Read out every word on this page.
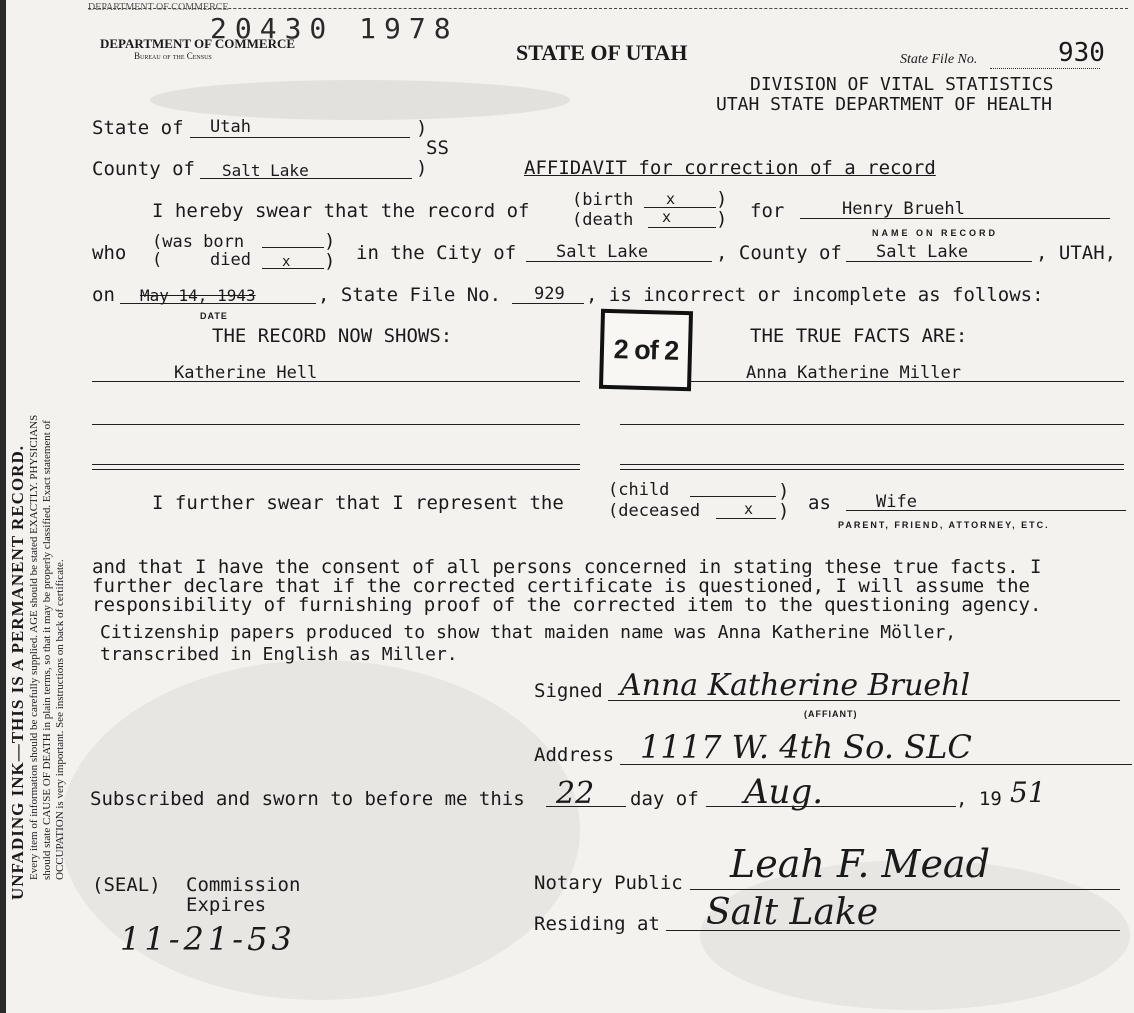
UNFADING INK—THIS IS A PERMANENT RECORD. Every item of information should be carefully supplied. AGE should be stated EXACTLY. PHYSICIANS should state CAUSE OF DEATH in plain terms, so that it may be properly classified. Exact statement of OCCUPATION is very important. See instructions on back of certificate.
DEPARTMENT OF COMMERCE
DEPARTMENT OF COMMERCE
Bureau of the Census
20430 1978
STATE OF UTAH	State File No.	930
DIVISION OF VITAL STATISTICS
UTAH STATE DEPARTMENT OF HEALTH
State of Utah	)
SS
)
County of Salt Lake	AFFIDAVIT for correction of a record
I hereby swear that the record of	(birth x )
(death x ) for	Henry Bruehl
NAME ON RECORD
who (was born	)
(	died x ) in the City of Salt Lake	, County of Salt Lake	, UTAH,
on May 14, 1943
DATE
, State File No. 929 , is incorrect or incomplete as follows:
2 of 2
THE RECORD NOW SHOWS:	THE TRUE FACTS ARE:
Katherine Hell	Anna Katherine Miller
I further swear that I represent the
(child	)
(deceased	x ) as	Wife
PARENT, FRIEND, ATTORNEY, ETC.
and that I have the consent of all persons concerned in stating these true facts. I
further declare that if the corrected certificate is questioned, I will assume the
responsibility of furnishing proof of the corrected item to the questioning agency.
Citizenship papers produced to show that maiden name was Anna Katherine Möller,
transcribed in English as Miller.
Signed Anna Katherine Bruehl
(AFFIANT)
Address 1117 W. 4th So. SLC
Subscribed and sworn to before me this 22 day of Aug.	, 19 51
(SEAL) Commission
Expires
11-21-53
Notary Public Leah F. Mead
Residing at Salt Lake
